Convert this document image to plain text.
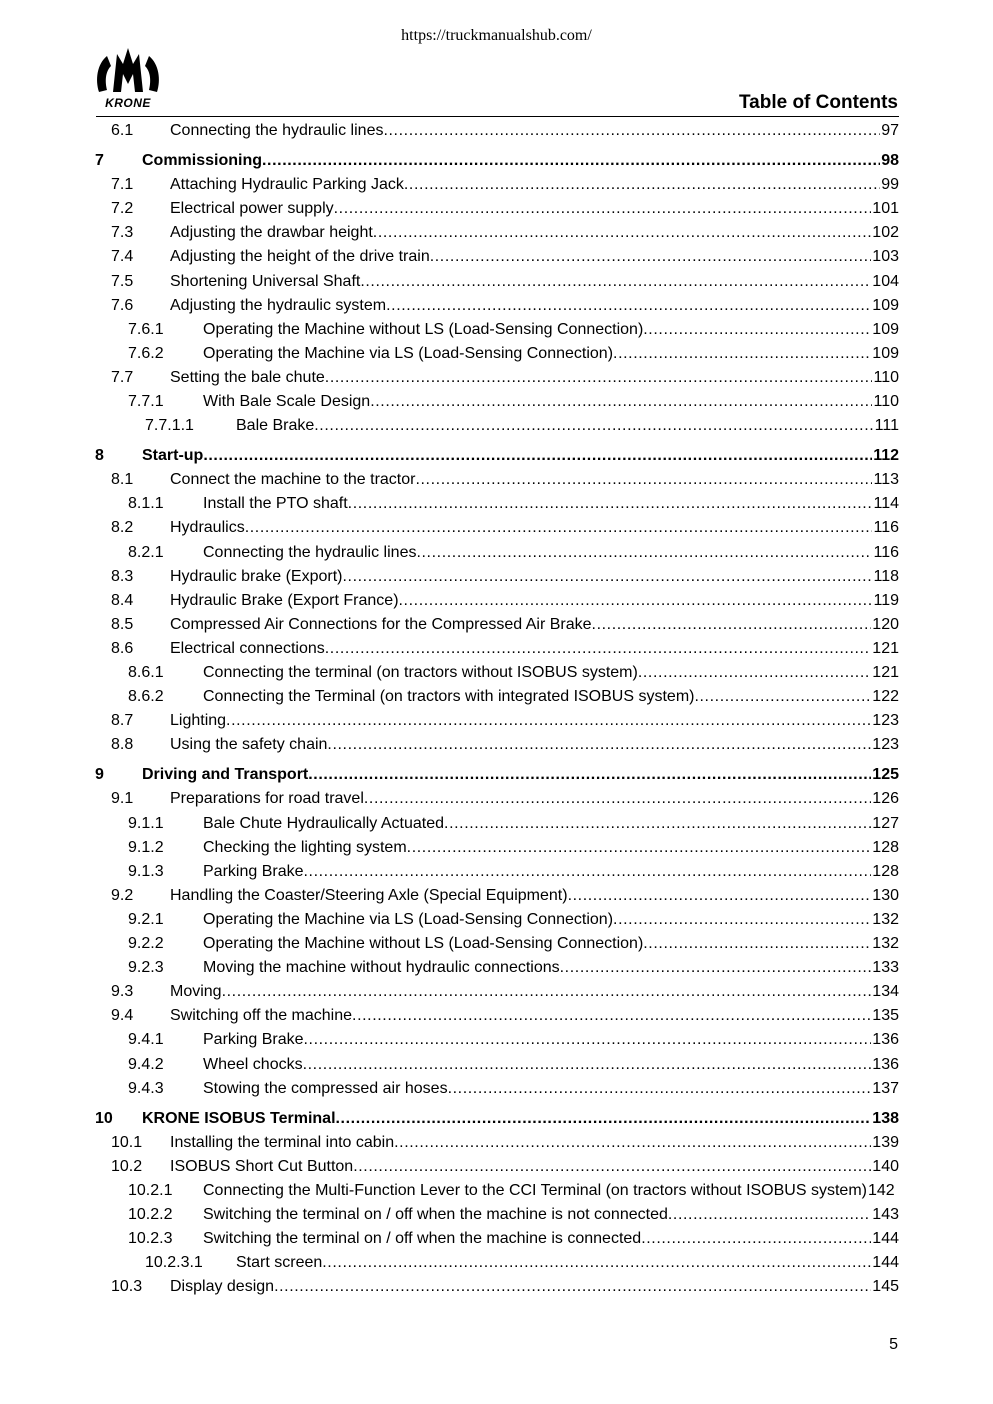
https://truckmanualshub.com/
KRONE	Table of Contents
6.1 Connecting the hydraulic lines .....	97
7 Commissioning .....	98
7.1 Attaching Hydraulic Parking Jack .....	99
7.2 Electrical power supply .....	101
7.3 Adjusting the drawbar height .....	102
7.4 Adjusting the height of the drive train .....	103
7.5 Shortening Universal Shaft .....	104
7.6 Adjusting the hydraulic system .....	109
7.6.1 Operating the Machine without LS (Load-Sensing Connection) .....	109
7.6.2 Operating the Machine via LS (Load-Sensing Connection) .....	109
7.7 Setting the bale chute .....	110
7.7.1 With Bale Scale Design .....	110
7.7.1.1	Bale Brake .....	111
8 Start-up .....	112
8.1 Connect the machine to the tractor .....	113
8.1.1 Install the PTO shaft .....	114
8.2 Hydraulics .....	116
8.2.1 Connecting the hydraulic lines .....	116
8.3 Hydraulic brake (Export) .....	118
8.4 Hydraulic Brake (Export France) .....	119
8.5 Compressed Air Connections for the Compressed Air Brake .....	120
8.6 Electrical connections .....	121
8.6.1 Connecting the terminal (on tractors without ISOBUS system) .....	121
8.6.2 Connecting the Terminal (on tractors with integrated ISOBUS system) .....	122
8.7 Lighting .....	123
8.8 Using the safety chain .....	123
9 Driving and Transport .....	125
9.1 Preparations for road travel .....	126
9.1.1 Bale Chute Hydraulically Actuated .....	127
9.1.2 Checking the lighting system .....	128
9.1.3 Parking Brake .....	128
9.2 Handling the Coaster/Steering Axle (Special Equipment) .....	130
9.2.1 Operating the Machine via LS (Load-Sensing Connection) .....	132
9.2.2 Operating the Machine without LS (Load-Sensing Connection) .....	132
9.2.3 Moving the machine without hydraulic connections .....	133
9.3 Moving .....	134
9.4 Switching off the machine .....	135
9.4.1 Parking Brake .....	136
9.4.2 Wheel chocks .....	136
9.4.3 Stowing the compressed air hoses .....	137
10 KRONE ISOBUS Terminal .....	138
10.1 Installing the terminal into cabin .....	139
10.2 ISOBUS Short Cut Button .....	140
10.2.1 Connecting the Multi-Function Lever to the CCI Terminal (on tractors without ISOBUS system)142
10.2.2 Switching the terminal on / off when the machine is not connected .....	143
10.2.3 Switching the terminal on / off when the machine is connected .....	144
10.2.3.1 Start screen .....	144
10.3 Display design .....	145
5
